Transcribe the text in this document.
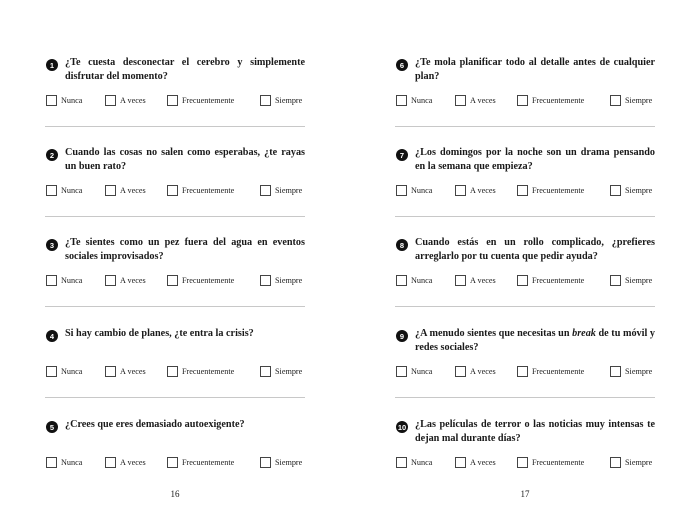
1	¿Te cuesta desconectar el cerebro y simplemente disfrutar del momento?

Nunca	A veces	Frecuentemente	Siempre
2	Cuando las cosas no salen como esperabas, ¿te rayas un buen rato?

Nunca	A veces	Frecuentemente	Siempre
3	¿Te sientes como un pez fuera del agua en eventos sociales improvisados?

Nunca	A veces	Frecuentemente	Siempre
4	Si hay cambio de planes, ¿te entra la crisis?

Nunca	A veces	Frecuentemente	Siempre
5	¿Crees que eres demasiado autoexigente?

Nunca	A veces	Frecuentemente	Siempre
16
6	¿Te mola planificar todo al detalle antes de cualquier plan?

Nunca	A veces	Frecuentemente	Siempre
7	¿Los domingos por la noche son un drama pensando en la semana que empieza?

Nunca	A veces	Frecuentemente	Siempre
8	Cuando estás en un rollo complicado, ¿prefieres arreglarlo por tu cuenta que pedir ayuda?

Nunca	A veces	Frecuentemente	Siempre
9	¿A menudo sientes que necesitas un break de tu móvil y redes sociales?

Nunca	A veces	Frecuentemente	Siempre
10 ¿Las películas de terror o las noticias muy intensas te dejan mal durante días?

Nunca	A veces	Frecuentemente	Siempre
17
